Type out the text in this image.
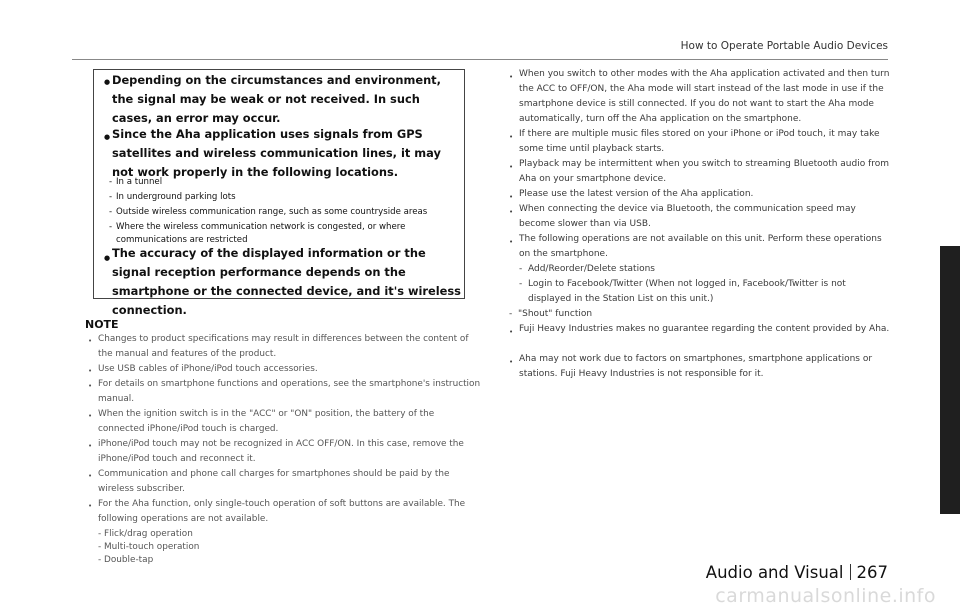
How to Operate Portable Audio Devices
● Depending on the circumstances and environment, the signal may be weak or not received. In such cases, an error may occur.
● Since the Aha application uses signals from GPS satellites and wireless communication lines, it may not work properly in the following locations.
- In a tunnel
- In underground parking lots
- Outside wireless communication range, such as some countryside areas
- Where the wireless communication network is congested, or where communications are restricted
● The accuracy of the displayed information or the signal reception performance depends on the smartphone or the connected device, and it's wireless connection.
NOTE
• Changes to product specifications may result in differences between the content of the manual and features of the product.
• Use USB cables of iPhone/iPod touch accessories.
• For details on smartphone functions and operations, see the smartphone's instruction manual.
• When the ignition switch is in the "ACC" or "ON" position, the battery of the connected iPhone/iPod touch is charged.
• iPhone/iPod touch may not be recognized in ACC OFF/ON. In this case, remove the iPhone/iPod touch and reconnect it.
• Communication and phone call charges for smartphones should be paid by the wireless subscriber.
• For the Aha function, only single-touch operation of soft buttons are available. The following operations are not available.
- Flick/drag operation
- Multi-touch operation
- Double-tap
• When you switch to other modes with the Aha application activated and then turn the ACC to OFF/ON, the Aha mode will start instead of the last mode in use if the smartphone device is still connected. If you do not want to start the Aha mode automatically, turn off the Aha application on the smartphone.
• If there are multiple music files stored on your iPhone or iPod touch, it may take some time until playback starts.
• Playback may be intermittent when you switch to streaming Bluetooth audio from Aha on your smartphone device.
• Please use the latest version of the Aha application.
• When connecting the device via Bluetooth, the communication speed may become slower than via USB.
• The following operations are not available on this unit. Perform these operations on the smartphone.
- Add/Reorder/Delete stations
- Login to Facebook/Twitter (When not logged in, Facebook/Twitter is not displayed in the Station List on this unit.)
- "Shout" function
• Fuji Heavy Industries makes no guarantee regarding the content provided by Aha.
• Aha may not work due to factors on smartphones, smartphone applications or stations. Fuji Heavy Industries is not responsible for it.
Audio and Visual 267
carmanualsonline.info
